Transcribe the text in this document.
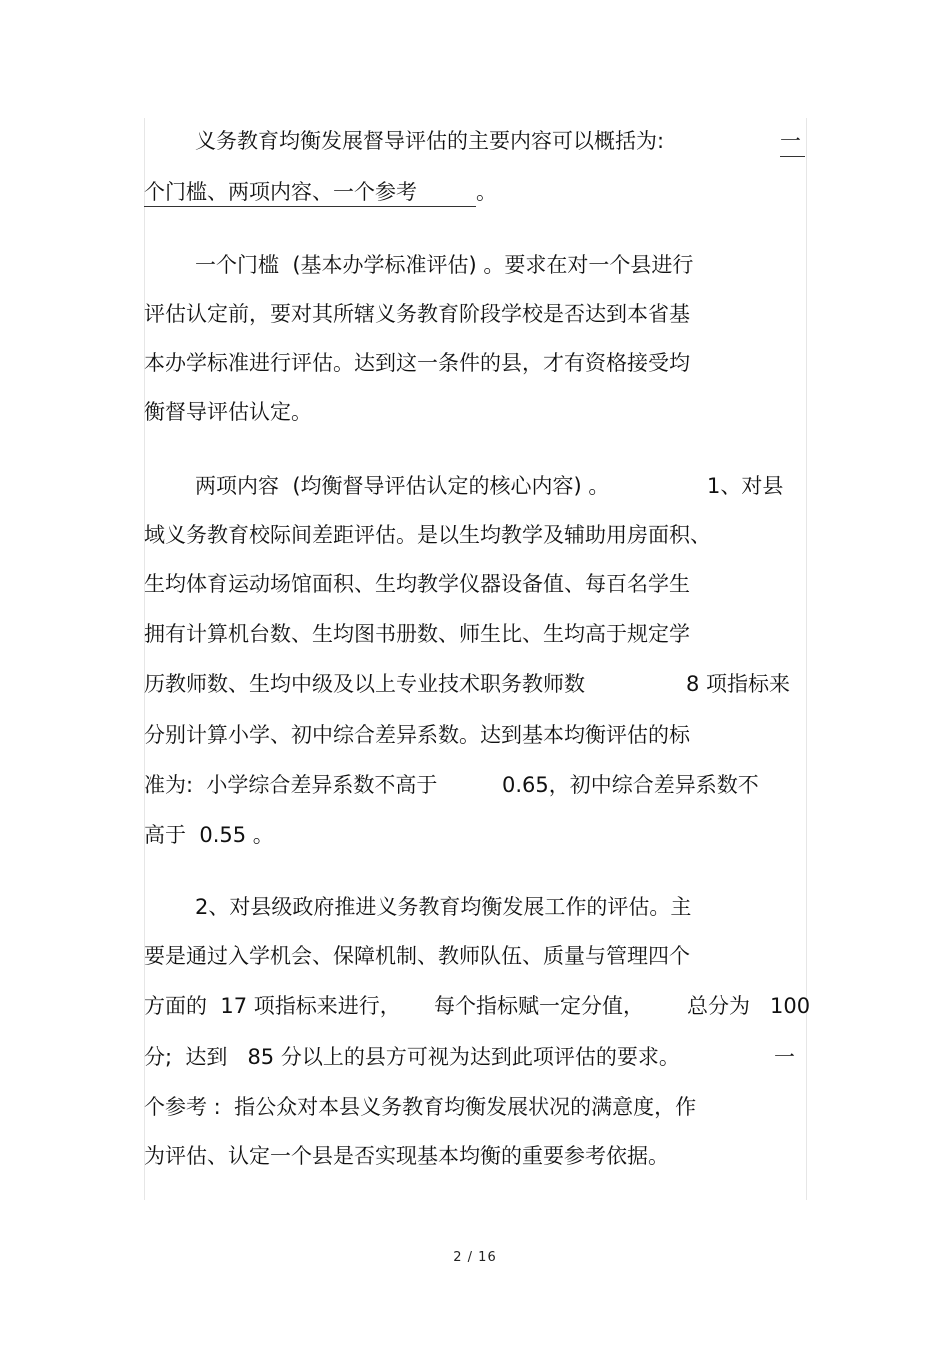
义务教育均衡发展督导评估的主要内容可以概括为:	一
个门槛、两项内容、一个参考	。
一个门槛  (基本办学标准评估) 。要求在对一个县进行
评估认定前，要对其所辖义务教育阶段学校是否达到本省基
本办学标准进行评估。达到这一条件的县，才有资格接受均
衡督导评估认定。
两项内容  (均衡督导评估认定的核心内容) 。	1、对县
域义务教育校际间差距评估。是以生均教学及辅助用房面积、
生均体育运动场馆面积、生均教学仪器设备值、每百名学生
拥有计算机台数、生均图书册数、师生比、生均高于规定学
历教师数、生均中级及以上专业技术职务教师数	8 项指标来
分别计算小学、初中综合差异系数。达到基本均衡评估的标
准为:  小学综合差异系数不高于	0.65，初中综合差异系数不
高于  0.55 。
2、对县级政府推进义务教育均衡发展工作的评估。主
要是通过入学机会、保障机制、教师队伍、质量与管理四个
方面的  17 项指标来进行， 每个指标赋一定分值， 总分为 100
分;  达到   85 分以上的县方可视为达到此项评估的要求。	一
个参考 :  指公众对本县义务教育均衡发展状况的满意度，作
为评估、认定一个县是否实现基本均衡的重要参考依据。
2 / 16
